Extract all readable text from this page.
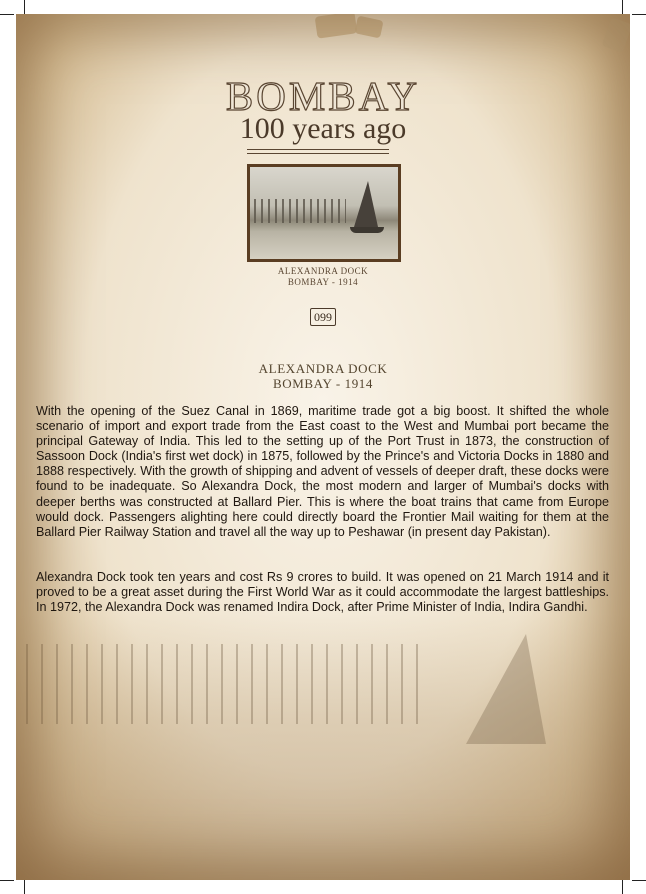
BOMBAY
100 years ago
ALEXANDRA DOCK
BOMBAY - 1914
099
ALEXANDRA DOCK
BOMBAY - 1914

With the opening of the Suez Canal in 1869, maritime trade got a big boost. It shifted the whole scenario of import and export trade from the East coast to the West and Mumbai port became the principal Gateway of India. This led to the setting up of the Port Trust in 1873, the construction of Sassoon Dock (India's first wet dock) in 1875, followed by the Prince's and Victoria Docks in 1880 and 1888 respectively. With the growth of shipping and advent of vessels of deeper draft, these docks were found to be inadequate. So Alexandra Dock, the most modern and larger of Mumbai's docks with deeper berths was constructed at Ballard Pier. This is where the boat trains that came from Europe would dock. Passengers alighting here could directly board the Frontier Mail waiting for them at the Ballard Pier Railway Station and travel all the way up to Peshawar (in present day Pakistan).

Alexandra Dock took ten years and cost Rs 9 crores to build. It was opened on 21 March 1914 and it proved to be a great asset during the First World War as it could accommodate the largest battleships. In 1972, the Alexandra Dock was renamed Indira Dock, after Prime Minister of India, Indira Gandhi.
